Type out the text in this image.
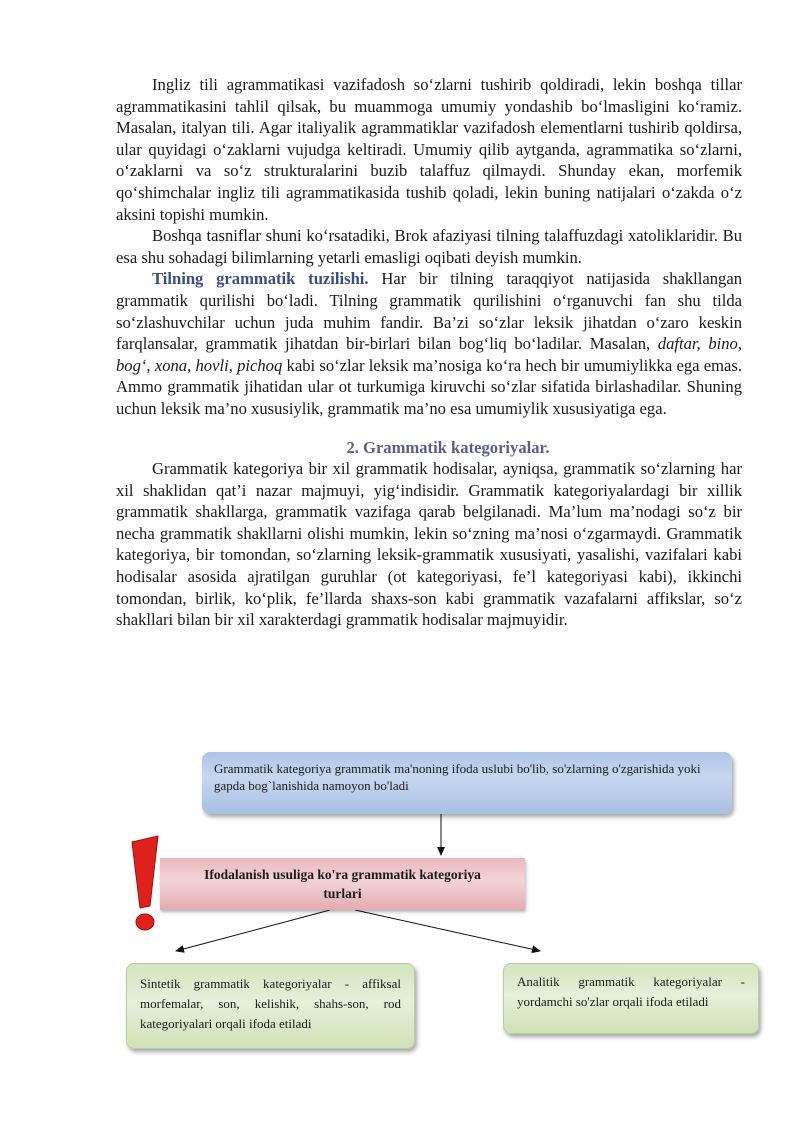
Ingliz tili agrammatikasi vazifadosh so‘zlarni tushirib qoldiradi, lekin boshqa tillar agrammatikasini tahlil qilsak, bu muammoga umumiy yondashib bo‘lmasligini ko‘ramiz. Masalan, italyan tili. Agar italiyalik agrammatiklar vazifadosh elementlarni tushirib qoldirsa, ular quyidagi o‘zaklarni vujudga keltiradi. Umumiy qilib aytganda, agrammatika so‘zlarni, o‘zaklarni va so‘z strukturalarini buzib talaffuz qilmaydi. Shunday ekan, morfemik qo‘shimchalar ingliz tili agrammatikasida tushib qoladi, lekin buning natijalari o‘zakda o‘z aksini topishi mumkin.

Boshqa tasniflar shuni ko‘rsatadiki, Brok afaziyasi tilning talaffuzdagi xatoliklaridir. Bu esa shu sohadagi bilimlarning yetarli emasligi oqibati deyish mumkin.

Tilning grammatik tuzilishi. Har bir tilning taraqqiyot natijasida shakllangan grammatik qurilishi bo‘ladi. Tilning grammatik qurilishini o‘rganuvchi fan shu tilda so‘zlashuvchilar uchun juda muhim fandir. Ba’zi so‘zlar leksik jihatdan o‘zaro keskin farqlansalar, grammatik jihatdan bir-birlari bilan bog‘liq bo‘ladilar. Masalan, daftar, bino, bog‘, xona, hovli, pichoq kabi so‘zlar leksik ma’nosiga ko‘ra hech bir umumiylikka ega emas. Ammo grammatik jihatidan ular ot turkumiga kiruvchi so‘zlar sifatida birlashadilar. Shuning uchun leksik ma’no xususiylik, grammatik ma’no esa umumiylik xususiyatiga ega.

2. Grammatik kategoriyalar.

Grammatik kategoriya bir xil grammatik hodisalar, ayniqsa, grammatik so‘zlarning har xil shaklidan qat’i nazar majmuyi, yig‘indisidir. Grammatik kategoriyalardagi bir xillik grammatik shakllarga, grammatik vazifaga qarab belgilanadi. Ma’lum ma’nodagi so‘z bir necha grammatik shakllarni olishi mumkin, lekin so‘zning ma’nosi o‘zgarmaydi. Grammatik kategoriya, bir tomondan, so‘zlarning leksik-grammatik xususiyati, yasalishi, vazifalari kabi hodisalar asosida ajratilgan guruhlar (ot kategoriyasi, fe’l kategoriyasi kabi), ikkinchi tomondan, birlik, ko‘plik, fe’llarda shaxs-son kabi grammatik vazafalarni affikslar, so‘z shakllari bilan bir xil xarakterdagi grammatik hodisalar majmuyidir.

Grammatik kategoriya grammatik ma'noning ifoda uslubi bo'lib, so'zlarning o'zgarishida yoki gapda bog`lanishida namoyon bo'ladi
Ifodalanish usuliga ko'ra grammatik kategoriya turlari
Sintetik grammatik kategoriyalar - affiksal morfemalar, son, kelishik, shahs-son, rod kategoriyalari orqali ifoda etiladi
Analitik grammatik kategoriyalar - yordamchi so'zlar orqali ifoda etiladi
